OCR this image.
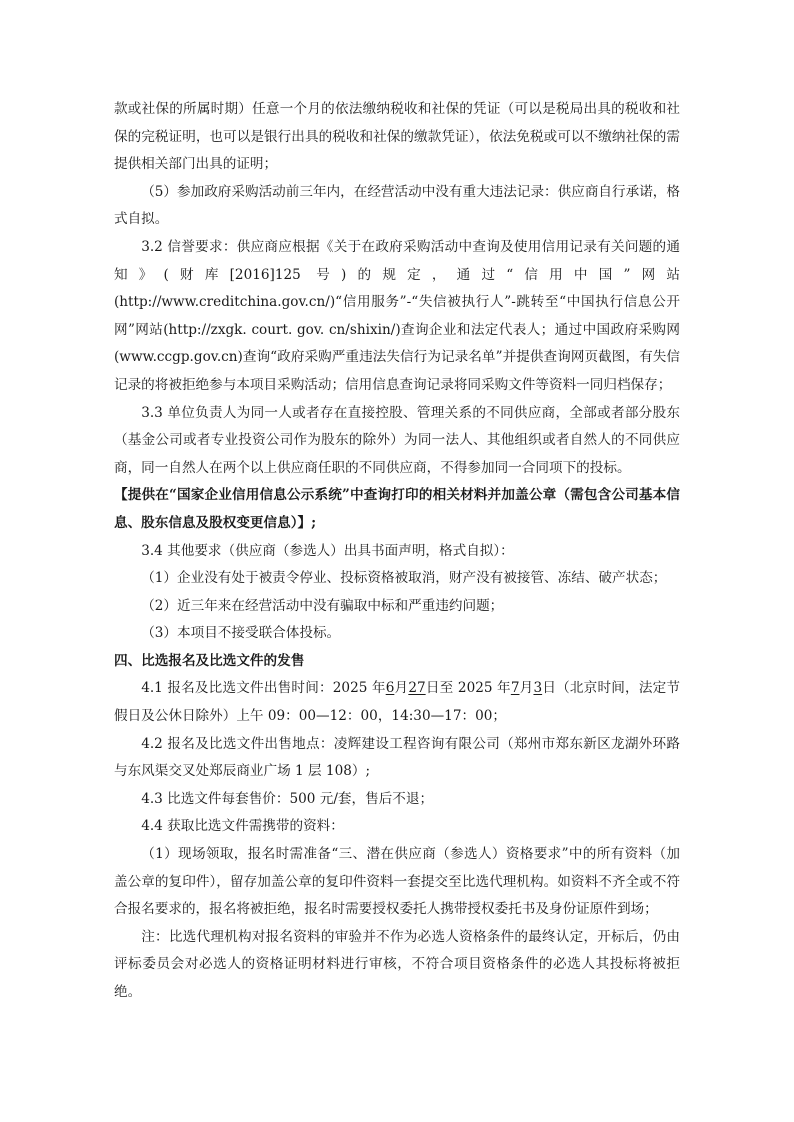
款或社保的所属时期）任意一个月的依法缴纳税收和社保的凭证（可以是税局出具的税收和社保的完税证明，也可以是银行出具的税收和社保的缴款凭证），依法免税或可以不缴纳社保的需提供相关部门出具的证明；

（5）参加政府采购活动前三年内，在经营活动中没有重大违法记录：供应商自行承诺，格式自拟。

3.2 信誉要求：供应商应根据《关于在政府采购活动中查询及使用信用记录有关问题的通知》(财库[2016]125 号)的规定，通过“信用中国”网站(http://www.creditchina.gov.cn/)“信用服务”-“失信被执行人”-跳转至“中国执行信息公开网”网站(http://zxgk. court. gov. cn/shixin/)查询企业和法定代表人；通过中国政府采购网　(www.ccgp.gov.cn)查询“政府采购严重违法失信行为记录名单”并提供查询网页截图，有失信记录的将被拒绝参与本项目采购活动；信用信息查询记录将同采购文件等资料一同归档保存；

3.3 单位负责人为同一人或者存在直接控股、管理关系的不同供应商，全部或者部分股东（基金公司或者专业投资公司作为股东的除外）为同一法人、其他组织或者自然人的不同供应商，同一自然人在两个以上供应商任职的不同供应商，不得参加同一合同项下的投标。

【提供在“国家企业信用信息公示系统”中查询打印的相关材料并加盖公章（需包含公司基本信息、股东信息及股权变更信息）】;

3.4 其他要求（供应商（参选人）出具书面声明，格式自拟）：

（1）企业没有处于被责令停业、投标资格被取消，财产没有被接管、冻结、破产状态；

（2）近三年来在经营活动中没有骗取中标和严重违约问题；

（3）本项目不接受联合体投标。

四、比选报名及比选文件的发售

4.1 报名及比选文件出售时间：2025 年6月27日至 2025 年7月3日（北京时间，法定节假日及公休日除外）上午 09：00—12：00，14:30—17：00；

4.2 报名及比选文件出售地点：凌辉建设工程咨询有限公司（郑州市郑东新区龙湖外环路与东风渠交叉处郑辰商业广场 1 层 108）;

4.3 比选文件每套售价：500 元/套，售后不退；

4.4 获取比选文件需携带的资料：

（1）现场领取，报名时需准备“三、潜在供应商（参选人）资格要求”中的所有资料（加盖公章的复印件），留存加盖公章的复印件资料一套提交至比选代理机构。如资料不齐全或不符合报名要求的，报名将被拒绝，报名时需要授权委托人携带授权委托书及身份证原件到场；

注：比选代理机构对报名资料的审验并不作为必选人资格条件的最终认定，开标后，仍由评标委员会对必选人的资格证明材料进行审核，不符合项目资格条件的必选人其投标将被拒绝。
